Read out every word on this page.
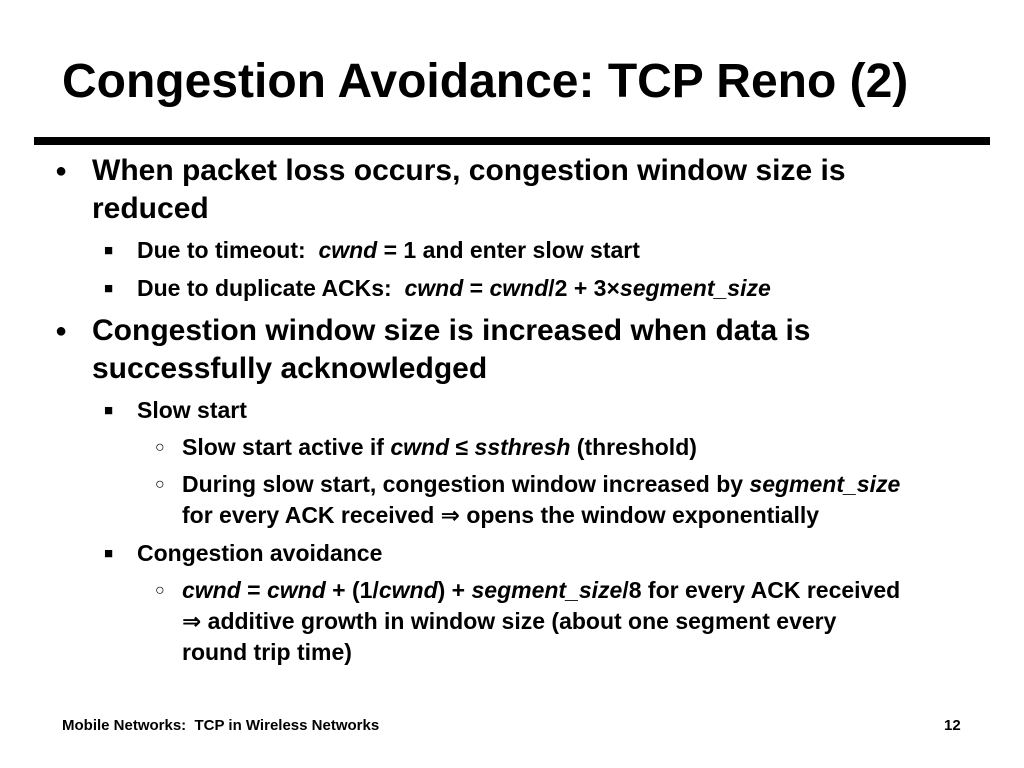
Congestion Avoidance: TCP Reno (2)
● When packet loss occurs, congestion window size is reduced
■ Due to timeout:  cwnd = 1 and enter slow start
■ Due to duplicate ACKs:  cwnd = cwnd/2 + 3×segment_size
● Congestion window size is increased when data is successfully acknowledged
■ Slow start
○ Slow start active if cwnd ≤ ssthresh (threshold)
○ During slow start, congestion window increased by segment_size for every ACK received ⇒ opens the window exponentially
■ Congestion avoidance
○ cwnd = cwnd + (1/cwnd) + segment_size/8 for every ACK received ⇒ additive growth in window size (about one segment every round trip time)
Mobile Networks:  TCP in Wireless Networks	12
